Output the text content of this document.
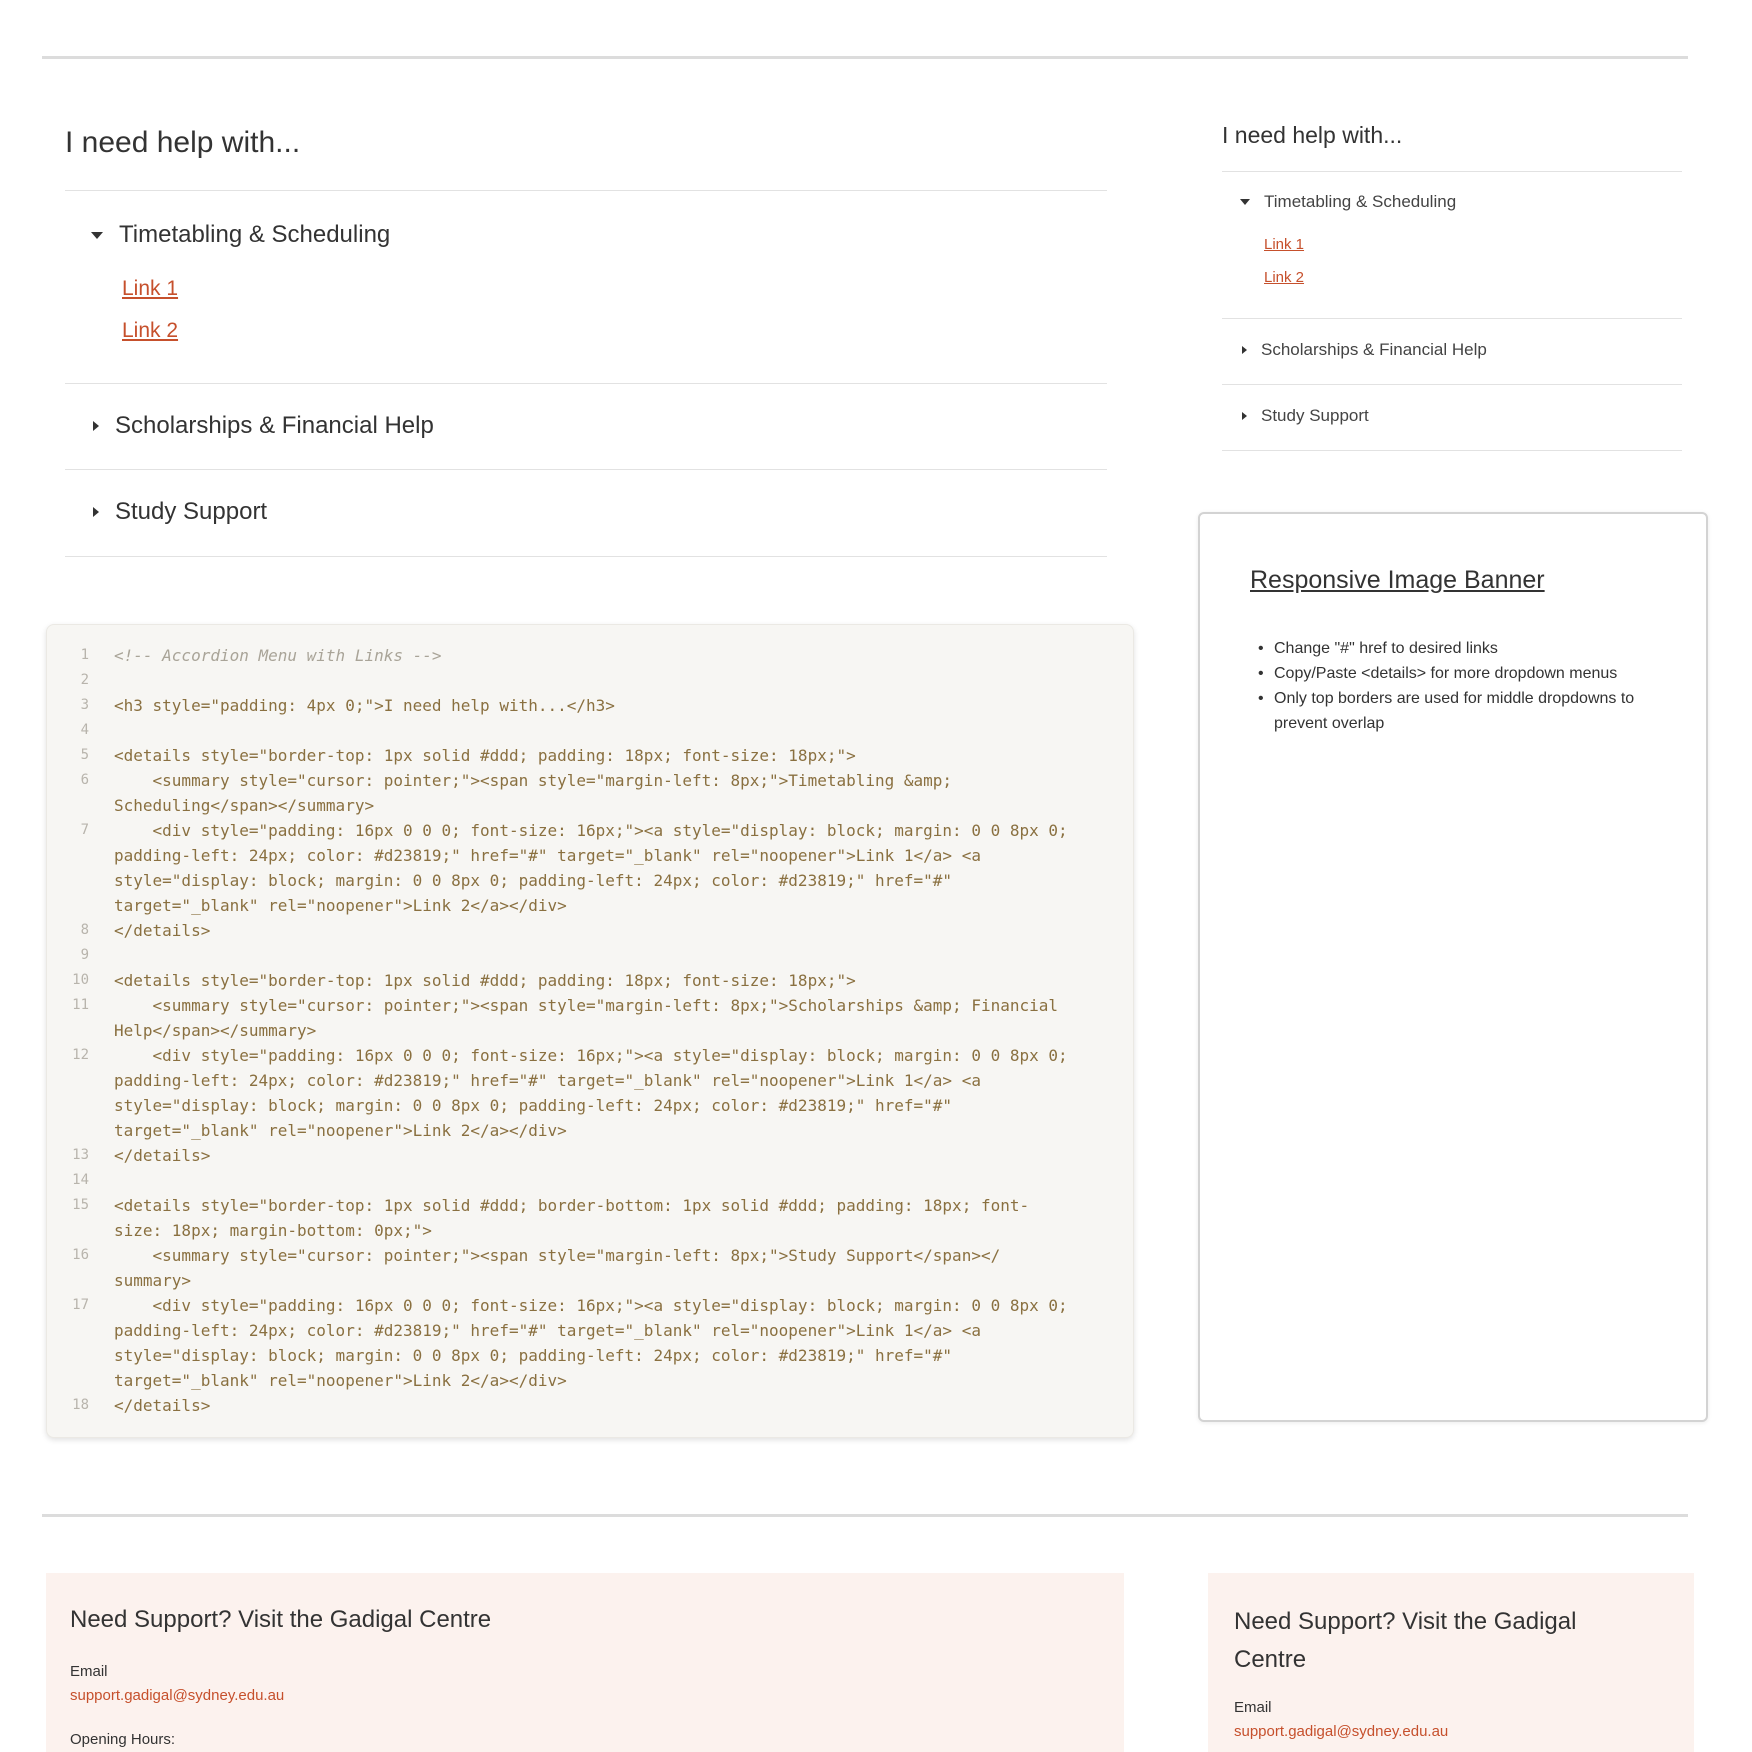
I need help with...
Timetabling & Scheduling
Link 1
Link 2
Scholarships & Financial Help
Study Support
1 <!-- Accordion Menu with Links -->
2
3 <h3 style="padding: 4px 0;">I need help with...</h3>
4
5 <details style="border-top: 1px solid #ddd; padding: 18px; font-size: 18px;">
6 <summary style="cursor: pointer;"><span style="margin-left: 8px;">Timetabling &amp;
Scheduling</span></summary>
7 <div style="padding: 16px 0 0 0; font-size: 16px;"><a style="display: block; margin: 0 0 8px 0;
padding-left: 24px; color: #d23819;" href="#" target="_blank" rel="noopener">Link 1</a> <a
style="display: block; margin: 0 0 8px 0; padding-left: 24px; color: #d23819;" href="#"
target="_blank" rel="noopener">Link 2</a></div>
8 </details>
9
10 <details style="border-top: 1px solid #ddd; padding: 18px; font-size: 18px;">
11 <summary style="cursor: pointer;"><span style="margin-left: 8px;">Scholarships &amp; Financial
Help</span></summary>
12 <div style="padding: 16px 0 0 0; font-size: 16px;"><a style="display: block; margin: 0 0 8px 0;
padding-left: 24px; color: #d23819;" href="#" target="_blank" rel="noopener">Link 1</a> <a
style="display: block; margin: 0 0 8px 0; padding-left: 24px; color: #d23819;" href="#"
target="_blank" rel="noopener">Link 2</a></div>
13 </details>
14
15 <details style="border-top: 1px solid #ddd; border-bottom: 1px solid #ddd; padding: 18px; font-
size: 18px; margin-bottom: 0px;">
16 <summary style="cursor: pointer;"><span style="margin-left: 8px;">Study Support</span></
summary>
17 <div style="padding: 16px 0 0 0; font-size: 16px;"><a style="display: block; margin: 0 0 8px 0;
padding-left: 24px; color: #d23819;" href="#" target="_blank" rel="noopener">Link 1</a> <a
style="display: block; margin: 0 0 8px 0; padding-left: 24px; color: #d23819;" href="#"
target="_blank" rel="noopener">Link 2</a></div>
18 </details>
I need help with...
Timetabling & Scheduling
Link 1
Link 2
Scholarships & Financial Help
Study Support
Responsive Image Banner
• Change "#" href to desired links
• Copy/Paste <details> for more dropdown menus
• Only top borders are used for middle dropdowns to prevent overlap
Need Support? Visit the Gadigal Centre
Email
support.gadigal@sydney.edu.au
Opening Hours:
Need Support? Visit the Gadigal Centre
Email
support.gadigal@sydney.edu.au
